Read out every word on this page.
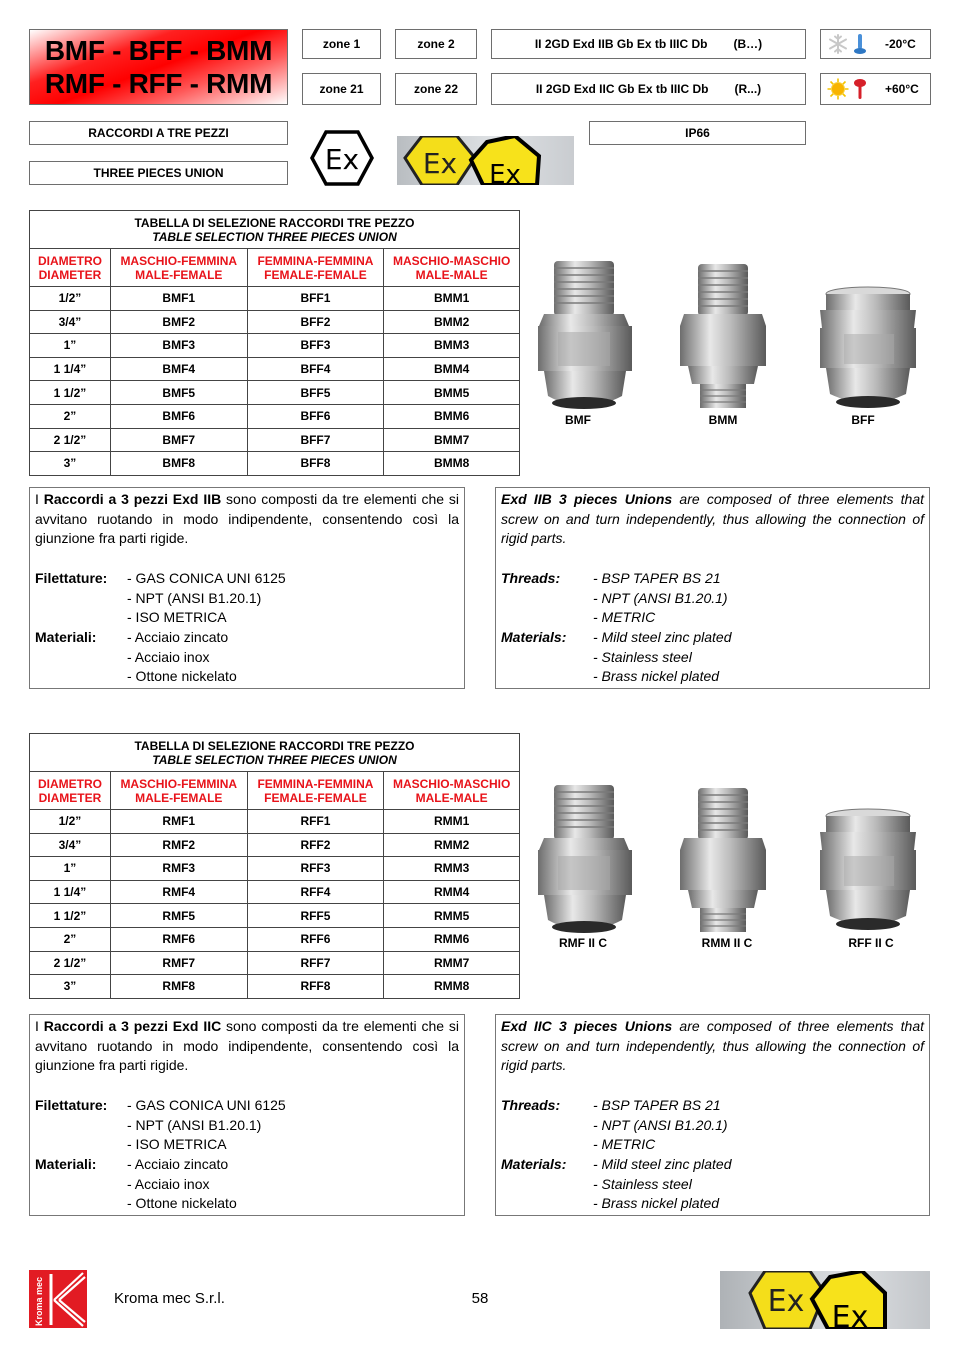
BMF - BFF - BMM
RMF - RFF - RMM
zone 1	zone 2
zone 21	zone 22
II 2GD Exd IIB Gb Ex tb IIIC Db (B…)
II 2GD Exd IIC Gb Ex tb IIIC Db (R...)
-20°C
+60°C
RACCORDI A TRE PEZZI
THREE PIECES UNION
IP66
Ex Ex Ex
TABELLA DI SELEZIONE RACCORDI TRE PEZZO
TABLE SELECTION THREE PIECES UNION			

DIAMETRO
DIAMETER

MASCHIO-FEMMINA
MALE-FEMALE

FEMMINA-FEMMINA
FEMALE-FEMALE

MASCHIO-MASCHIO
MALE-MALE

1/2”	BMF1	BFF1	BMM1
3/4”	BMF2	BFF2	BMM2
1”	BMF3	BFF3	BMM3
1 1/4”	BMF4	BFF4	BMM4
1 1/2”	BMF5	BFF5	BMM5
2”	BMF6	BFF6	BMM6
2 1/2”	BMF7	BFF7	BMM7
3”	BMF8	BFF8	BMM8
BMF	BMM	BFF
I Raccordi a 3 pezzi Exd IIB sono composti da tre elementi che si avvitano ruotando in modo indipendente, consentendo così la giunzione fra parti rigide.
Filettature:	- GAS CONICA UNI 6125
- NPT (ANSI B1.20.1)
- ISO METRICA
Materiali:	- Acciaio zincato
- Acciaio inox
- Ottone nickelato
Exd IIB 3 pieces Unions are composed of three elements that screw on and turn independently, thus allowing the connection of rigid parts.
Threads:	- BSP TAPER BS 21
- NPT (ANSI B1.20.1)
- METRIC
Materials:	- Mild steel zinc plated
- Stainless steel
- Brass nickel plated
TABELLA DI SELEZIONE RACCORDI TRE PEZZO
TABLE SELECTION THREE PIECES UNION			

DIAMETRO
DIAMETER

MASCHIO-FEMMINA
MALE-FEMALE

FEMMINA-FEMMINA
FEMALE-FEMALE

MASCHIO-MASCHIO
MALE-MALE

1/2”	RMF1	RFF1	RMM1
3/4”	RMF2	RFF2	RMM2
1”	RMF3	RFF3	RMM3
1 1/4”	RMF4	RFF4	RMM4
1 1/2”	RMF5	RFF5	RMM5
2”	RMF6	RFF6	RMM6
2 1/2”	RMF7	RFF7	RMM7
3”	RMF8	RFF8	RMM8
RMF II C	RMM II C	RFF II C
I Raccordi a 3 pezzi Exd IIC sono composti da tre elementi che si avvitano ruotando in modo indipendente, consentendo così la giunzione fra parti rigide.
Filettature:	- GAS CONICA UNI 6125
- NPT (ANSI B1.20.1)
- ISO METRICA
Materiali:	- Acciaio zincato
- Acciaio inox
- Ottone nickelato
Exd IIC 3 pieces Unions are composed of three elements that screw on and turn independently, thus allowing the connection of rigid parts.
Threads:	- BSP TAPER BS 21
- NPT (ANSI B1.20.1)
- METRIC
Materials:	- Mild steel zinc plated
- Stainless steel
- Brass nickel plated
Kroma mec	Kroma mec S.r.l.	58	Ex Ex
